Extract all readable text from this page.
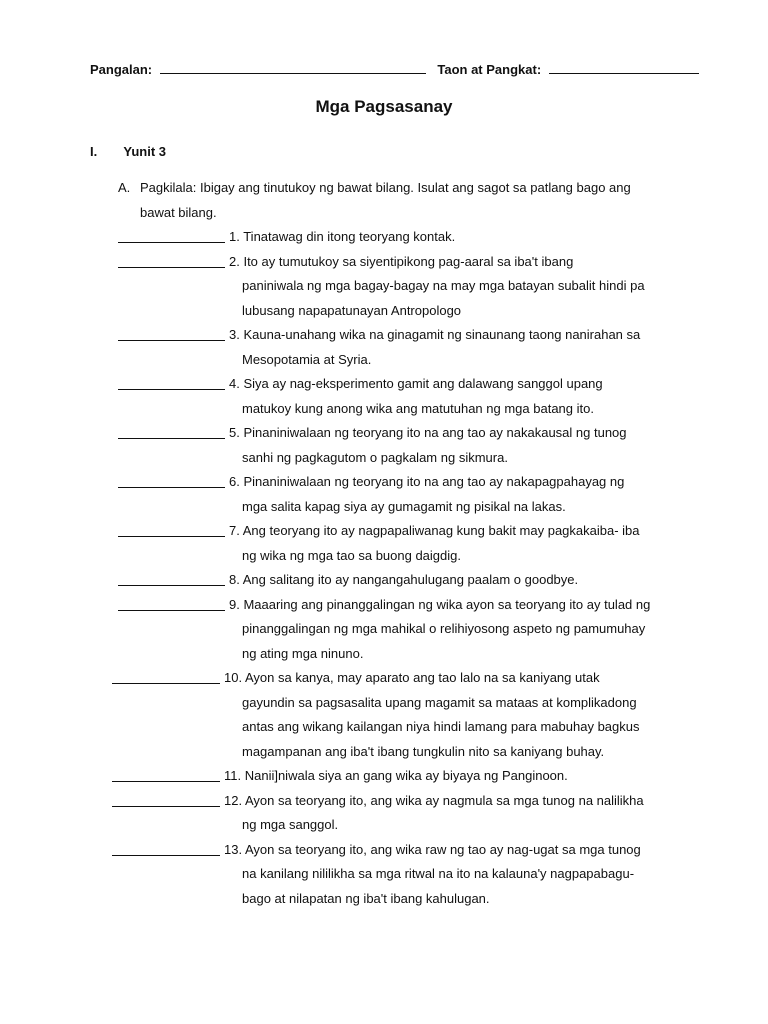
Pangalan:	Taon at Pangkat:
Mga Pagsasanay
I. Yunit 3
A. Pagkilala: Ibigay ang tinutukoy ng bawat bilang. Isulat ang sagot sa patlang bago ang
bawat bilang.
1. Tinatawag din itong teoryang kontak.
2. Ito ay tumutukoy sa siyentipikong pag-aaral sa iba't ibang
paniniwala ng mga bagay-bagay na may mga batayan subalit hindi pa
lubusang napapatunayan Antropologo
3. Kauna-unahang wika na ginagamit ng sinaunang taong nanirahan sa
Mesopotamia at Syria.
4. Siya ay nag-eksperimento gamit ang dalawang sanggol upang
matukoy kung anong wika ang matutuhan ng mga batang ito.
5. Pinaniniwalaan ng teoryang ito na ang tao ay nakakausal ng tunog
sanhi ng pagkagutom o pagkalam ng sikmura.
6. Pinaniniwalaan ng teoryang ito na ang tao ay nakapagpahayag ng
mga salita kapag siya ay gumagamit ng pisikal na lakas.
7. Ang teoryang ito ay nagpapaliwanag kung bakit may pagkakaiba- iba
ng wika ng mga tao sa buong daigdig.
8. Ang salitang ito ay nangangahulugang paalam o goodbye.
9. Maaaring ang pinanggalingan ng wika ayon sa teoryang ito ay tulad ng
pinanggalingan ng mga mahikal o relihiyosong aspeto ng pamumuhay
ng ating mga ninuno.
10. Ayon sa kanya, may aparato ang tao lalo na sa kaniyang utak
gayundin sa pagsasalita upang magamit sa mataas at komplikadong
antas ang wikang kailangan niya hindi lamang para mabuhay bagkus
magampanan ang iba't ibang tungkulin nito sa kaniyang buhay.
11. Nanii]niwala siya an gang wika ay biyaya ng Panginoon.
12. Ayon sa teoryang ito, ang wika ay nagmula sa mga tunog na nalilikha
ng mga sanggol.
13. Ayon sa teoryang ito, ang wika raw ng tao ay nag-ugat sa mga tunog
na kanilang nililikha sa mga ritwal na ito na kalauna'y nagpapabagu-
bago at nilapatan ng iba't ibang kahulugan.
